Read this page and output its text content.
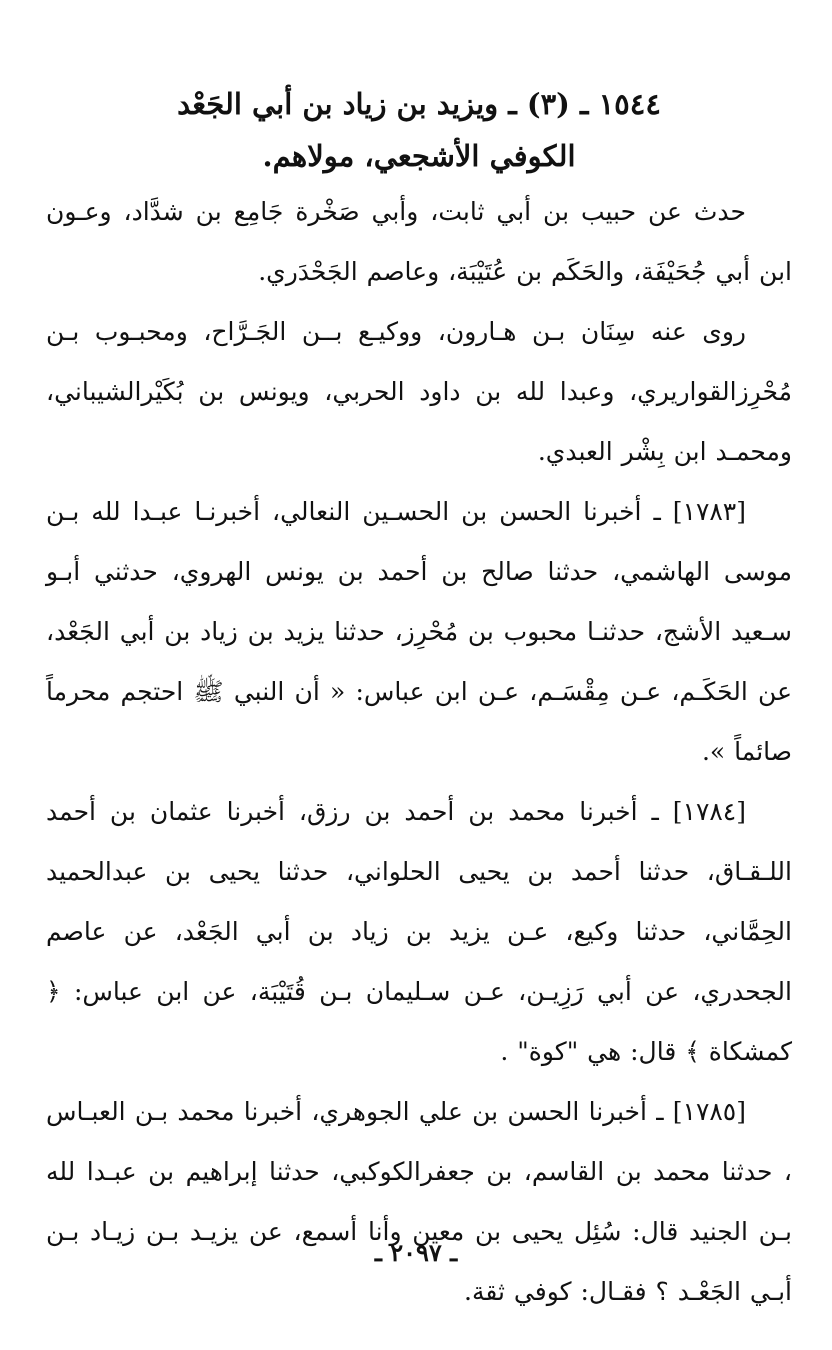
١٥٤٤ ـ (٣) ـ ويزيد بن زياد بن أبي الجَعْد
الكوفي الأشجعي، مولاهم.

حدث عن حبيب بن أبي ثابت، وأبي صَخْرة جَامِع بن شدَّاد، وعـون ابن أبي جُحَيْفَة، والحَكَم بن عُتَيْبَة، وعاصم الجَحْدَري.

روى عنه سِنَان بـن هـارون، ووكيـع بــن الجَـرَّاح، ومحبـوب بـن مُحْرِزالقواريري، وعبدا لله بن داود الحربي، ويونس بن بُكَيْرالشيباني، ومحمـد ابن بِشْر العبدي.

[١٧٨٣] ـ أخبرنا الحسن بن الحسـين النعالي، أخبرنـا عبـدا لله بـن موسى الهاشمي، حدثنا صالح بن أحمد بن يونس الهروي، حدثني أبـو سـعيد الأشج، حدثنـا محبوب بن مُحْرِز، حدثنا يزيد بن زياد بن أبي الجَعْد، عن الحَكَـم، عـن مِقْسَـم، عـن ابن عباس: « أن النبي ﷺ احتجم محرماً صائماً ».

[١٧٨٤] ـ أخبرنا محمد بن أحمد بن رزق، أخبرنا عثمان بن أحمد اللـقـاق، حدثنا أحمد بن يحيى الحلواني، حدثنا يحيى بن عبدالحميد الحِمَّاني، حدثنا وكيع، عـن يزيد بن زياد بن أبي الجَعْد، عن عاصم الجحدري، عن أبي رَزِيـن، عـن سـليمان بـن قُتَيْبَة، عن ابن عباس: ﴿ كمشكاة ﴾ قال: هي "كوة" .

[١٧٨٥] ـ أخبرنا الحسن بن علي الجوهري، أخبرنا محمد بـن العبـاس ، حدثنا محمد بن القاسم، بن جعفرالكوكبي، حدثنا إبراهيم بن عبـدا لله بـن الجنيد قال: سُئِل يحيى بن معين وأنا أسمع، عن يزيـد بـن زيـاد بـن أبـي الجَعْـد ؟ فقـال: كوفي ثقة.

ـ ٢٠٩٧ ـ
